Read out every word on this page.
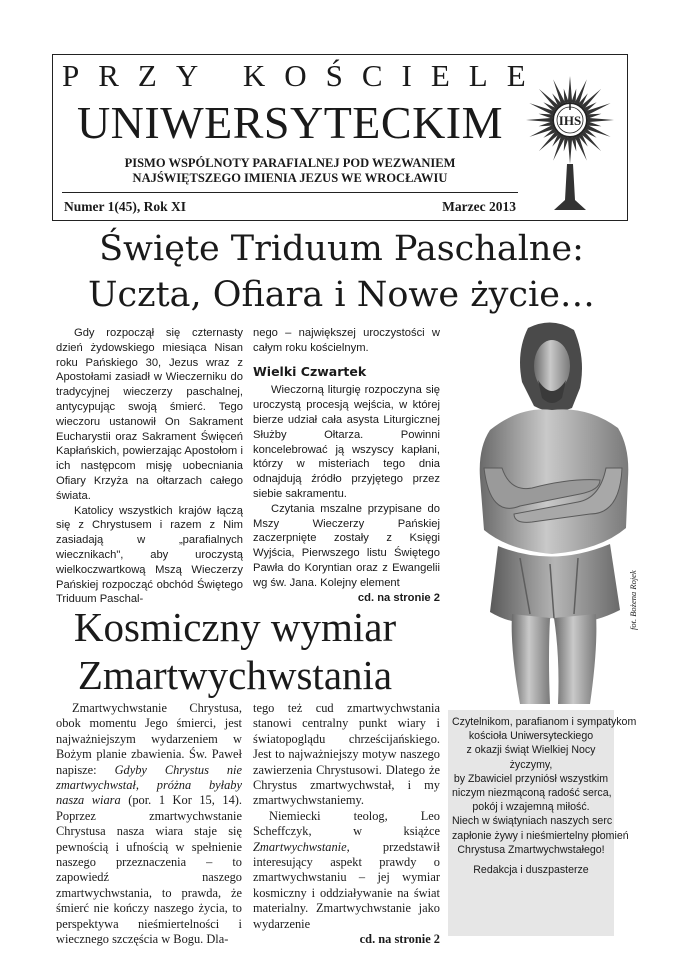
PRZY KOŚCIELE
UNIWERSYTECKIM
PISMO WSPÓLNOTY PARAFIALNEJ POD WEZWANIEM
NAJŚWIĘTSZEGO IMIENIA JEZUS WE WROCŁAWIU
Numer 1(45), Rok XI	Marzec 2013
IHS
Święte Triduum Paschalne:
Uczta, Ofiara i Nowe życie…

Gdy rozpoczął się czternasty dzień żydowskiego miesiąca Nisan roku Pańskiego 30, Jezus wraz z Apostołami zasiadł w Wieczerniku do tradycyjnej wieczerzy paschalnej, antycypując swoją śmierć. Tego wieczoru ustanowił On Sakrament Eucharystii oraz Sakrament Święceń Kapłańskich, powierzając Apostołom i ich następcom misję uobecniania Ofiary Krzyża na ołtarzach całego świata.

Katolicy wszystkich krajów łączą się z Chrystusem i razem z Nim zasiadają w „parafialnych wiecznikach", aby uroczystą wielkoczwartkową Mszą Wieczerzy Pańskiej rozpocząć obchód Świętego Triduum Paschal-

nego – największej uroczystości w całym roku kościelnym.

Wielki Czwartek

Wieczorną liturgię rozpoczyna się uroczystą procesją wejścia, w której bierze udział cała asysta Liturgicznej Służby Ołtarza. Powinni koncelebrować ją wszyscy kapłani, którzy w misteriach tego dnia odnajdują źródło przyjętego przez siebie sakramentu.

Czytania mszalne przypisane do Mszy Wieczerzy Pańskiej zaczerpnięte zostały z Księgi Wyjścia, Pierwszego listu Świętego Pawła do Koryntian oraz z Ewangelii wg św. Jana. Kolejny element

cd. na stronie 2	fot. Bożena Rojek
Kosmiczny wymiar
Zmartwychwstania

Zmartwychwstanie Chrystusa, obok momentu Jego śmierci, jest najważniejszym wydarzeniem w Bożym planie zbawienia. Św. Paweł napisze: Gdyby Chrystus nie zmartwychwstał, próżna byłaby nasza wiara (por. 1 Kor 15, 14). Poprzez zmartwychwstanie Chrystusa nasza wiara staje się pewnością i ufnością w spełnienie naszego przeznaczenia – to zapowiedź naszego zmartwychwstania, to prawda, że śmierć nie kończy naszego życia, to perspektywa nieśmiertelności i wiecznego szczęścia w Bogu. Dla-

tego też cud zmartwychwstania stanowi centralny punkt wiary i światopoglądu chrześcijańskiego. Jest to najważniejszy motyw naszego zawierzenia Chrystusowi. Dlatego że Chrystus zmartwychwstał, i my zmartwychwstaniemy.

Niemiecki teolog, Leo Scheffczyk, w książce Zmartwychwstanie, przedstawił interesujący aspekt prawdy o zmartwychwstaniu – jej wymiar kosmiczny i oddziaływanie na świat materialny. Zmartwychwstanie jako wydarzenie

cd. na stronie 2

Czytelnikom, parafianom i sympatykom
kościoła Uniwersyteckiego
z okazji świąt Wielkiej Nocy
życzymy,
by Zbawiciel przyniósł wszystkim
niczym niezmąconą radość serca,
pokój i wzajemną miłość.
Niech w świątyniach naszych serc
zapłonie żywy i nieśmiertelny płomień
Chrystusa Zmartwychwstałego!
Redakcja i duszpasterze
